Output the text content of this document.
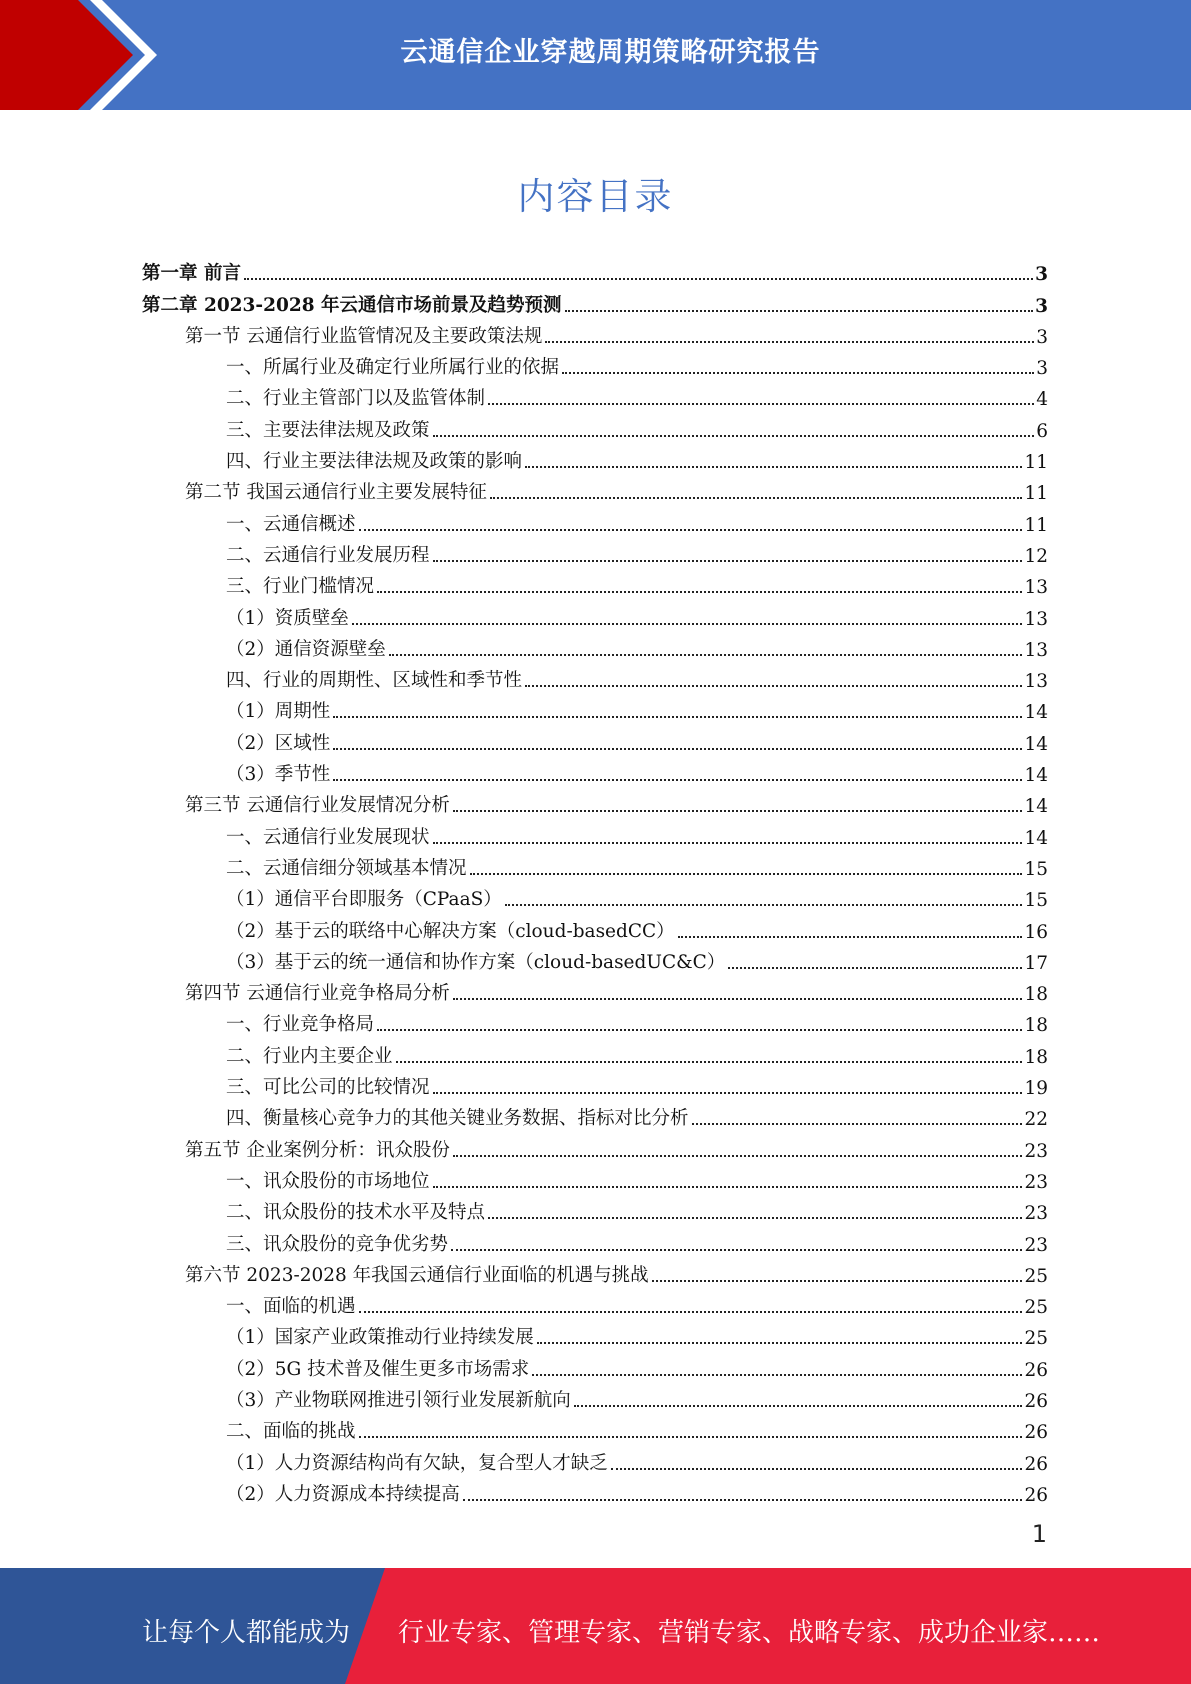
云通信企业穿越周期策略研究报告
内容目录
第一章 前言	3
第二章 2023-2028 年云通信市场前景及趋势预测	3
第一节 云通信行业监管情况及主要政策法规	3
一、所属行业及确定行业所属行业的依据	3
二、行业主管部门以及监管体制	4
三、主要法律法规及政策	6
四、行业主要法律法规及政策的影响	11
第二节 我国云通信行业主要发展特征	11
一、云通信概述	11
二、云通信行业发展历程	12
三、行业门槛情况	13
（1）资质壁垒	13
（2）通信资源壁垒	13
四、行业的周期性、区域性和季节性	13
（1）周期性	14
（2）区域性	14
（3）季节性	14
第三节 云通信行业发展情况分析	14
一、云通信行业发展现状	14
二、云通信细分领域基本情况	15
（1）通信平台即服务（CPaaS）	15
（2）基于云的联络中心解决方案（cloud-basedCC）	16
（3）基于云的统一通信和协作方案（cloud-basedUC&C）	17
第四节 云通信行业竞争格局分析	18
一、行业竞争格局	18
二、行业内主要企业	18
三、可比公司的比较情况	19
四、衡量核心竞争力的其他关键业务数据、指标对比分析	22
第五节 企业案例分析：讯众股份	23
一、讯众股份的市场地位	23
二、讯众股份的技术水平及特点	23
三、讯众股份的竞争优劣势	23
第六节 2023-2028 年我国云通信行业面临的机遇与挑战	25
一、面临的机遇	25
（1）国家产业政策推动行业持续发展	25
（2）5G 技术普及催生更多市场需求	26
（3）产业物联网推进引领行业发展新航向	26
二、面临的挑战	26
（1）人力资源结构尚有欠缺，复合型人才缺乏	26
（2）人力资源成本持续提高	26
1
让每个人都能成为 行业专家、管理专家、营销专家、战略专家、成功企业家……
